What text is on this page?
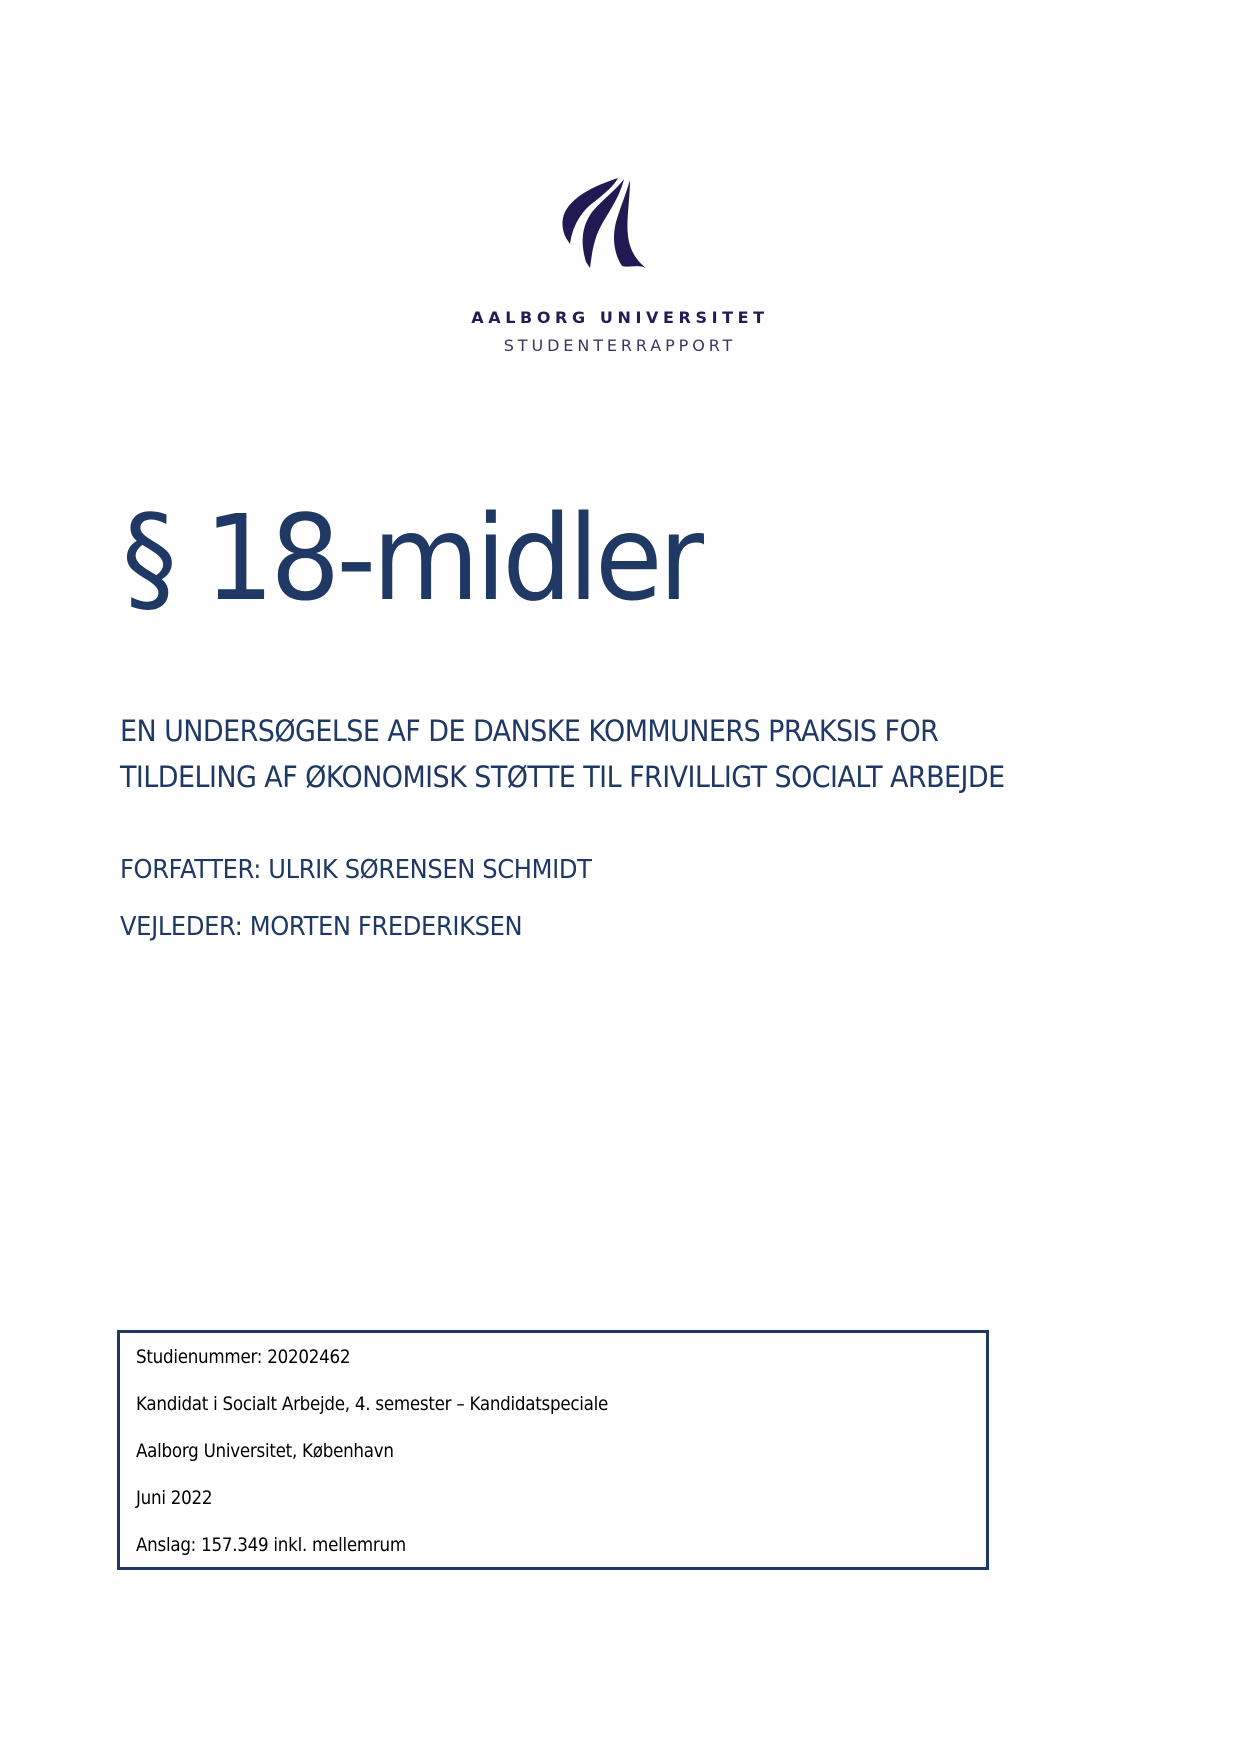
AALBORG UNIVERSITET
STUDENTERRAPPORT
§ 18-midler
EN UNDERSØGELSE AF DE DANSKE KOMMUNERS PRAKSIS FOR TILDELING AF ØKONOMISK STØTTE TIL FRIVILLIGT SOCIALT ARBEJDE
FORFATTER: ULRIK SØRENSEN SCHMIDT
VEJLEDER: MORTEN FREDERIKSEN
Studienummer: 20202462
Kandidat i Socialt Arbejde, 4. semester – Kandidatspeciale
Aalborg Universitet, København
Juni 2022
Anslag: 157.349 inkl. mellemrum
